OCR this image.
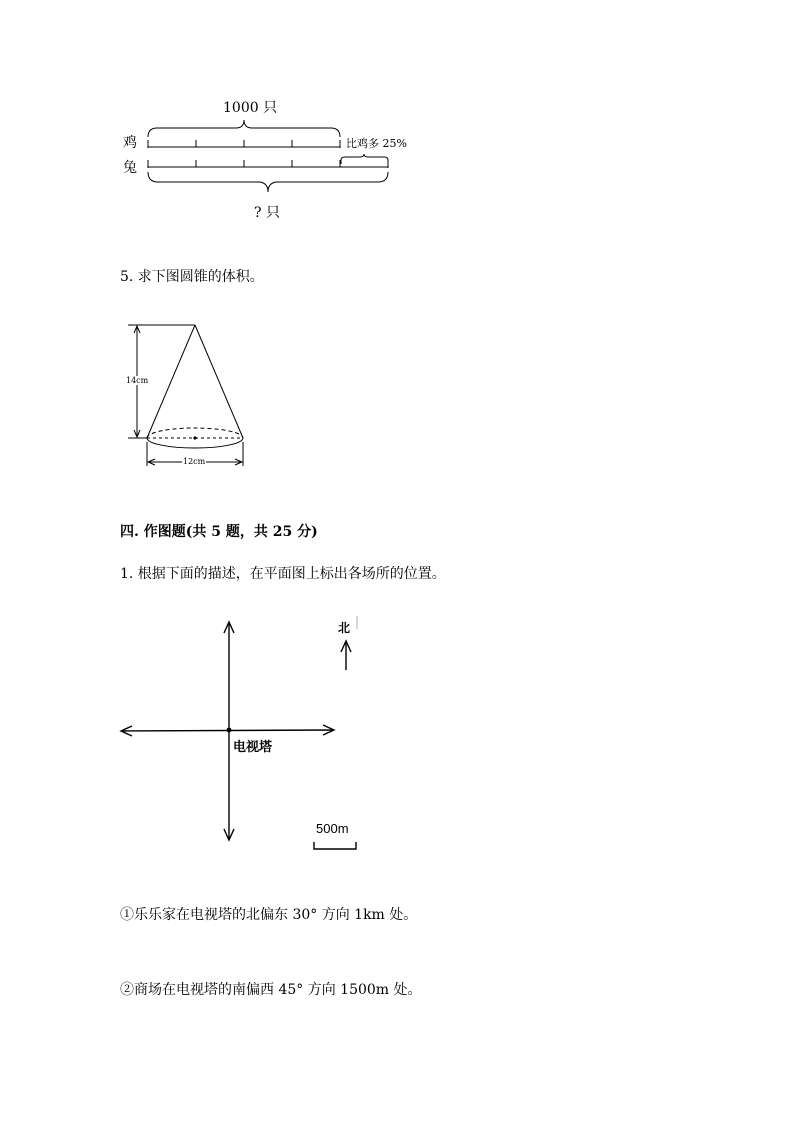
1000 只
鸡
兔
比鸡多 25%
? 只
5. 求下图圆锥的体积。
14cm
12cm
四. 作图题(共 5 题，共 25 分)
1. 根据下面的描述，在平面图上标出各场所的位置。
北
电视塔
500m
①乐乐家在电视塔的北偏东 30° 方向 1km 处。
②商场在电视塔的南偏西 45° 方向 1500m 处。
